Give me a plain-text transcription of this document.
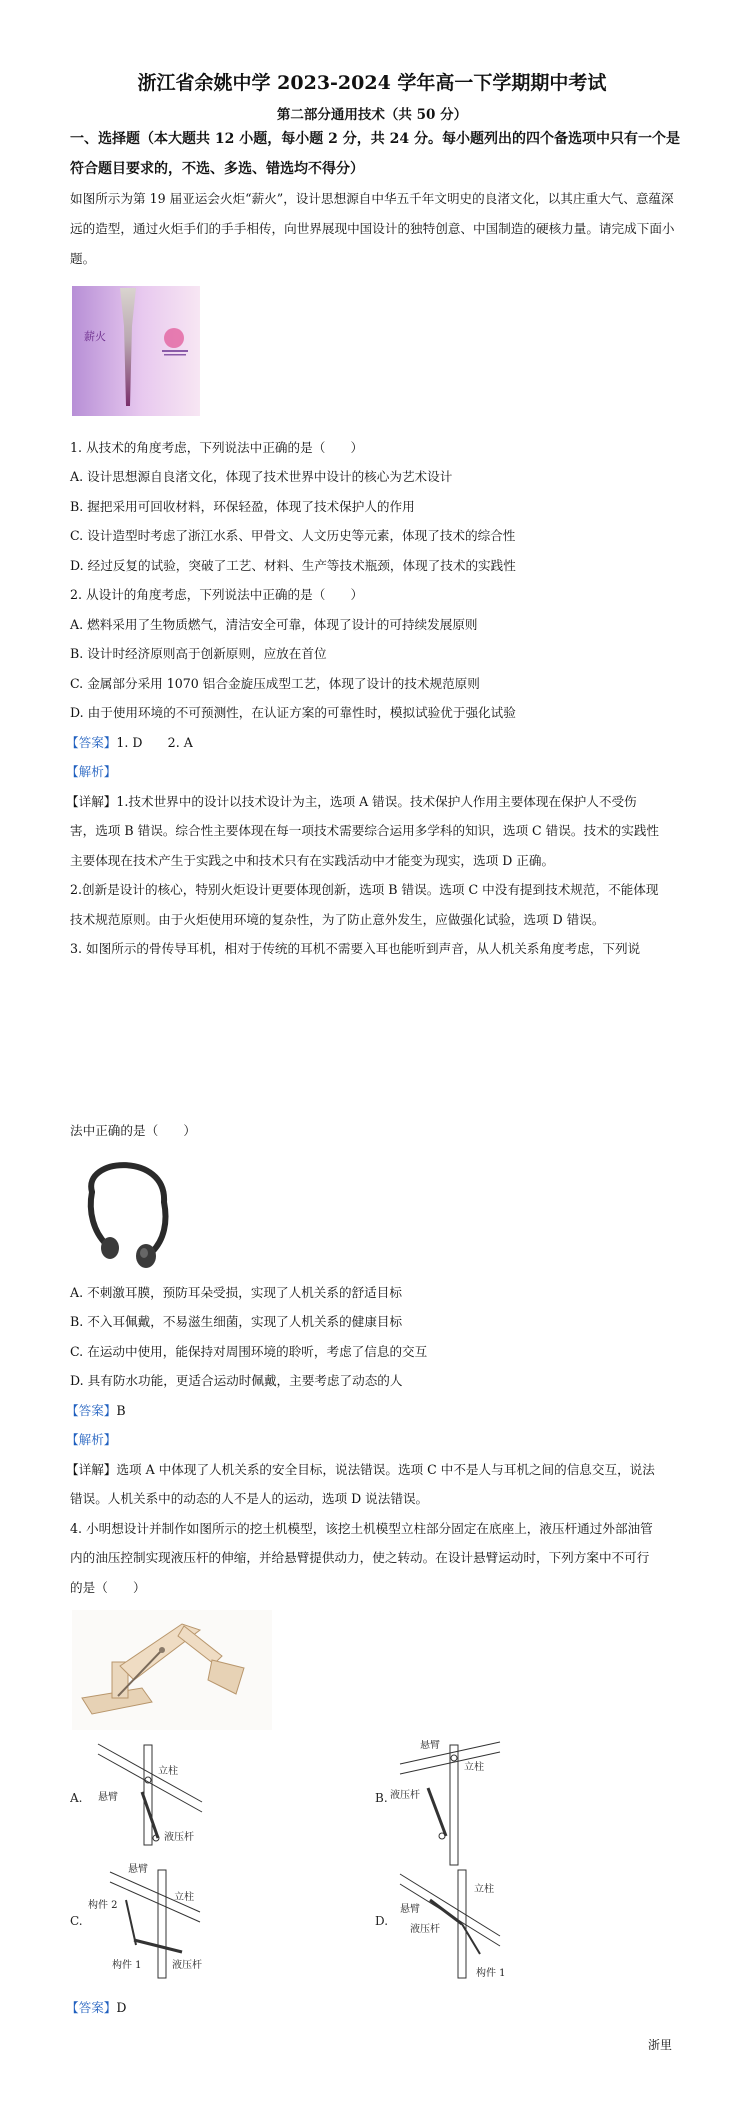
浙江省余姚中学 2023-2024 学年高一下学期期中考试
第二部分通用技术（共 50 分）
一、选择题（本大题共 12 小题，每小题 2 分，共 24 分。每小题列出的四个备选项中只有一个是符合题目要求的，不选、多选、错选均不得分）
如图所示为第 19 届亚运会火炬“薪火”，设计思想源自中华五千年文明史的良渚文化，以其庄重大气、意蕴深远的造型，通过火炬手们的手手相传，向世界展现中国设计的独特创意、中国制造的硬核力量。请完成下面小题。
薪火
1. 从技术的角度考虑，下列说法中正确的是（　　）
A. 设计思想源自良渚文化，体现了技术世界中设计的核心为艺术设计
B. 握把采用可回收材料，环保轻盈，体现了技术保护人的作用
C. 设计造型时考虑了浙江水系、甲骨文、人文历史等元素，体现了技术的综合性
D. 经过反复的试验，突破了工艺、材料、生产等技术瓶颈，体现了技术的实践性
2. 从设计的角度考虑，下列说法中正确的是（　　）
A. 燃料采用了生物质燃气，清洁安全可靠，体现了设计的可持续发展原则
B. 设计时经济原则高于创新原则，应放在首位
C. 金属部分采用 1070 铝合金旋压成型工艺，体现了设计的技术规范原则
D. 由于使用环境的不可预测性，在认证方案的可靠性时，模拟试验优于强化试验
【答案】1. D　　2. A
【解析】
【详解】1.技术世界中的设计以技术设计为主，选项 A 错误。技术保护人作用主要体现在保护人不受伤
害，选项 B 错误。综合性主要体现在每一项技术需要综合运用多学科的知识，选项 C 错误。技术的实践性
主要体现在技术产生于实践之中和技术只有在实践活动中才能变为现实，选项 D 正确。
2.创新是设计的核心，特别火炬设计更要体现创新，选项 B 错误。选项 C 中没有提到技术规范，不能体现
技术规范原则。由于火炬使用环境的复杂性，为了防止意外发生，应做强化试验，选项 D 错误。
3. 如图所示的骨传导耳机，相对于传统的耳机不需要入耳也能听到声音，从人机关系角度考虑，下列说
法中正确的是（　　）
A. 不刺激耳膜，预防耳朵受损，实现了人机关系的舒适目标
B. 不入耳佩戴，不易滋生细菌，实现了人机关系的健康目标
C. 在运动中使用，能保持对周围环境的聆听，考虑了信息的交互
D. 具有防水功能，更适合运动时佩戴，主要考虑了动态的人
【答案】B
【解析】
【详解】选项 A 中体现了人机关系的安全目标，说法错误。选项 C 中不是人与耳机之间的信息交互，说法
错误。人机关系中的动态的人不是人的运动，选项 D 说法错误。
4. 小明想设计并制作如图所示的挖土机模型，该挖土机模型立柱部分固定在底座上，液压杆通过外部油管
内的油压控制实现液压杆的伸缩，并给悬臂提供动力，使之转动。在设计悬臂运动时，下列方案中不可行
的是（　　）
A.
立柱
悬臂
液压杆
B.
悬臂
立柱
液压杆
C.
悬臂
立柱
构件 2
构件 1	液压杆
D.
立柱
悬臂
液压杆
构件 1
【答案】D
浙里
